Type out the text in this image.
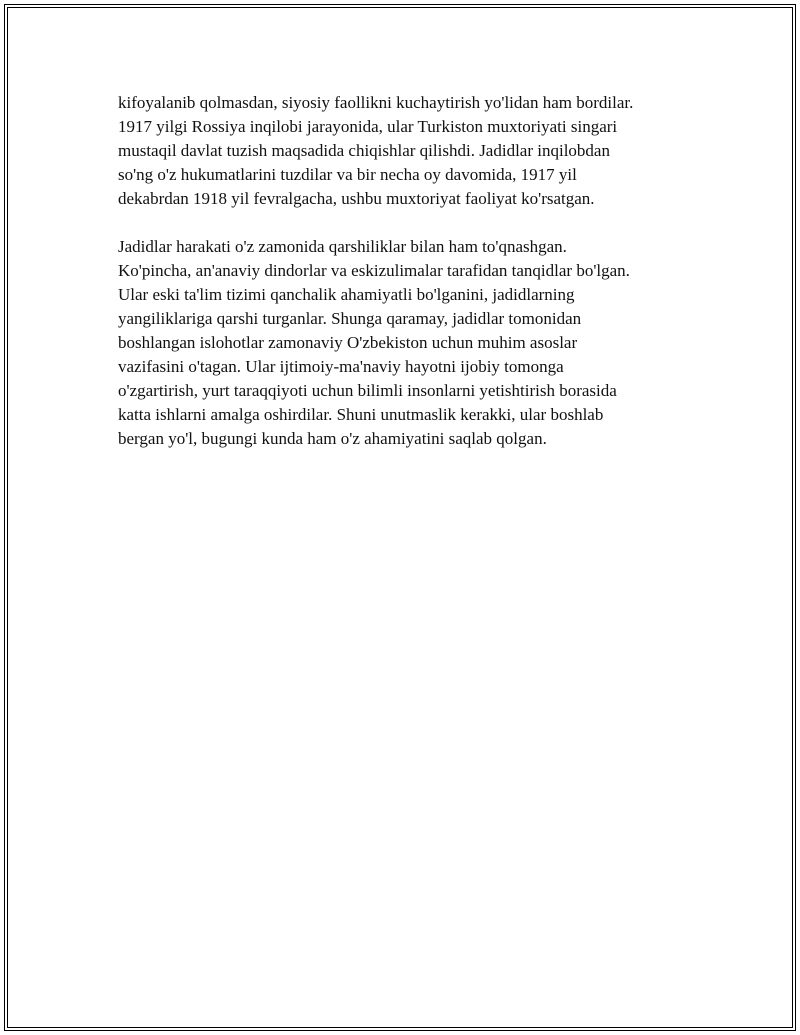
kifoyalanib qolmasdan, siyosiy faollikni kuchaytirish yo'lidan ham bordilar.
1917 yilgi Rossiya inqilobi jarayonida, ular Turkiston muxtoriyati singari
mustaqil davlat tuzish maqsadida chiqishlar qilishdi. Jadidlar inqilobdan
so'ng o'z hukumatlarini tuzdilar va bir necha oy davomida, 1917 yil
dekabrdan 1918 yil fevralgacha, ushbu muxtoriyat faoliyat ko'rsatgan.

Jadidlar harakati o'z zamonida qarshiliklar bilan ham to'qnashgan.
Ko'pincha, an'anaviy dindorlar va eskizulimalar tarafidan tanqidlar bo'lgan.
Ular eski ta'lim tizimi qanchalik ahamiyatli bo'lganini, jadidlarning
yangiliklariga qarshi turganlar. Shunga qaramay, jadidlar tomonidan
boshlangan islohotlar zamonaviy O'zbekiston uchun muhim asoslar
vazifasini o'tagan. Ular ijtimoiy-ma'naviy hayotni ijobiy tomonga
o'zgartirish, yurt taraqqiyoti uchun bilimli insonlarni yetishtirish borasida
katta ishlarni amalga oshirdilar. Shuni unutmaslik kerakki, ular boshlab
bergan yo'l, bugungi kunda ham o'z ahamiyatini saqlab qolgan.
